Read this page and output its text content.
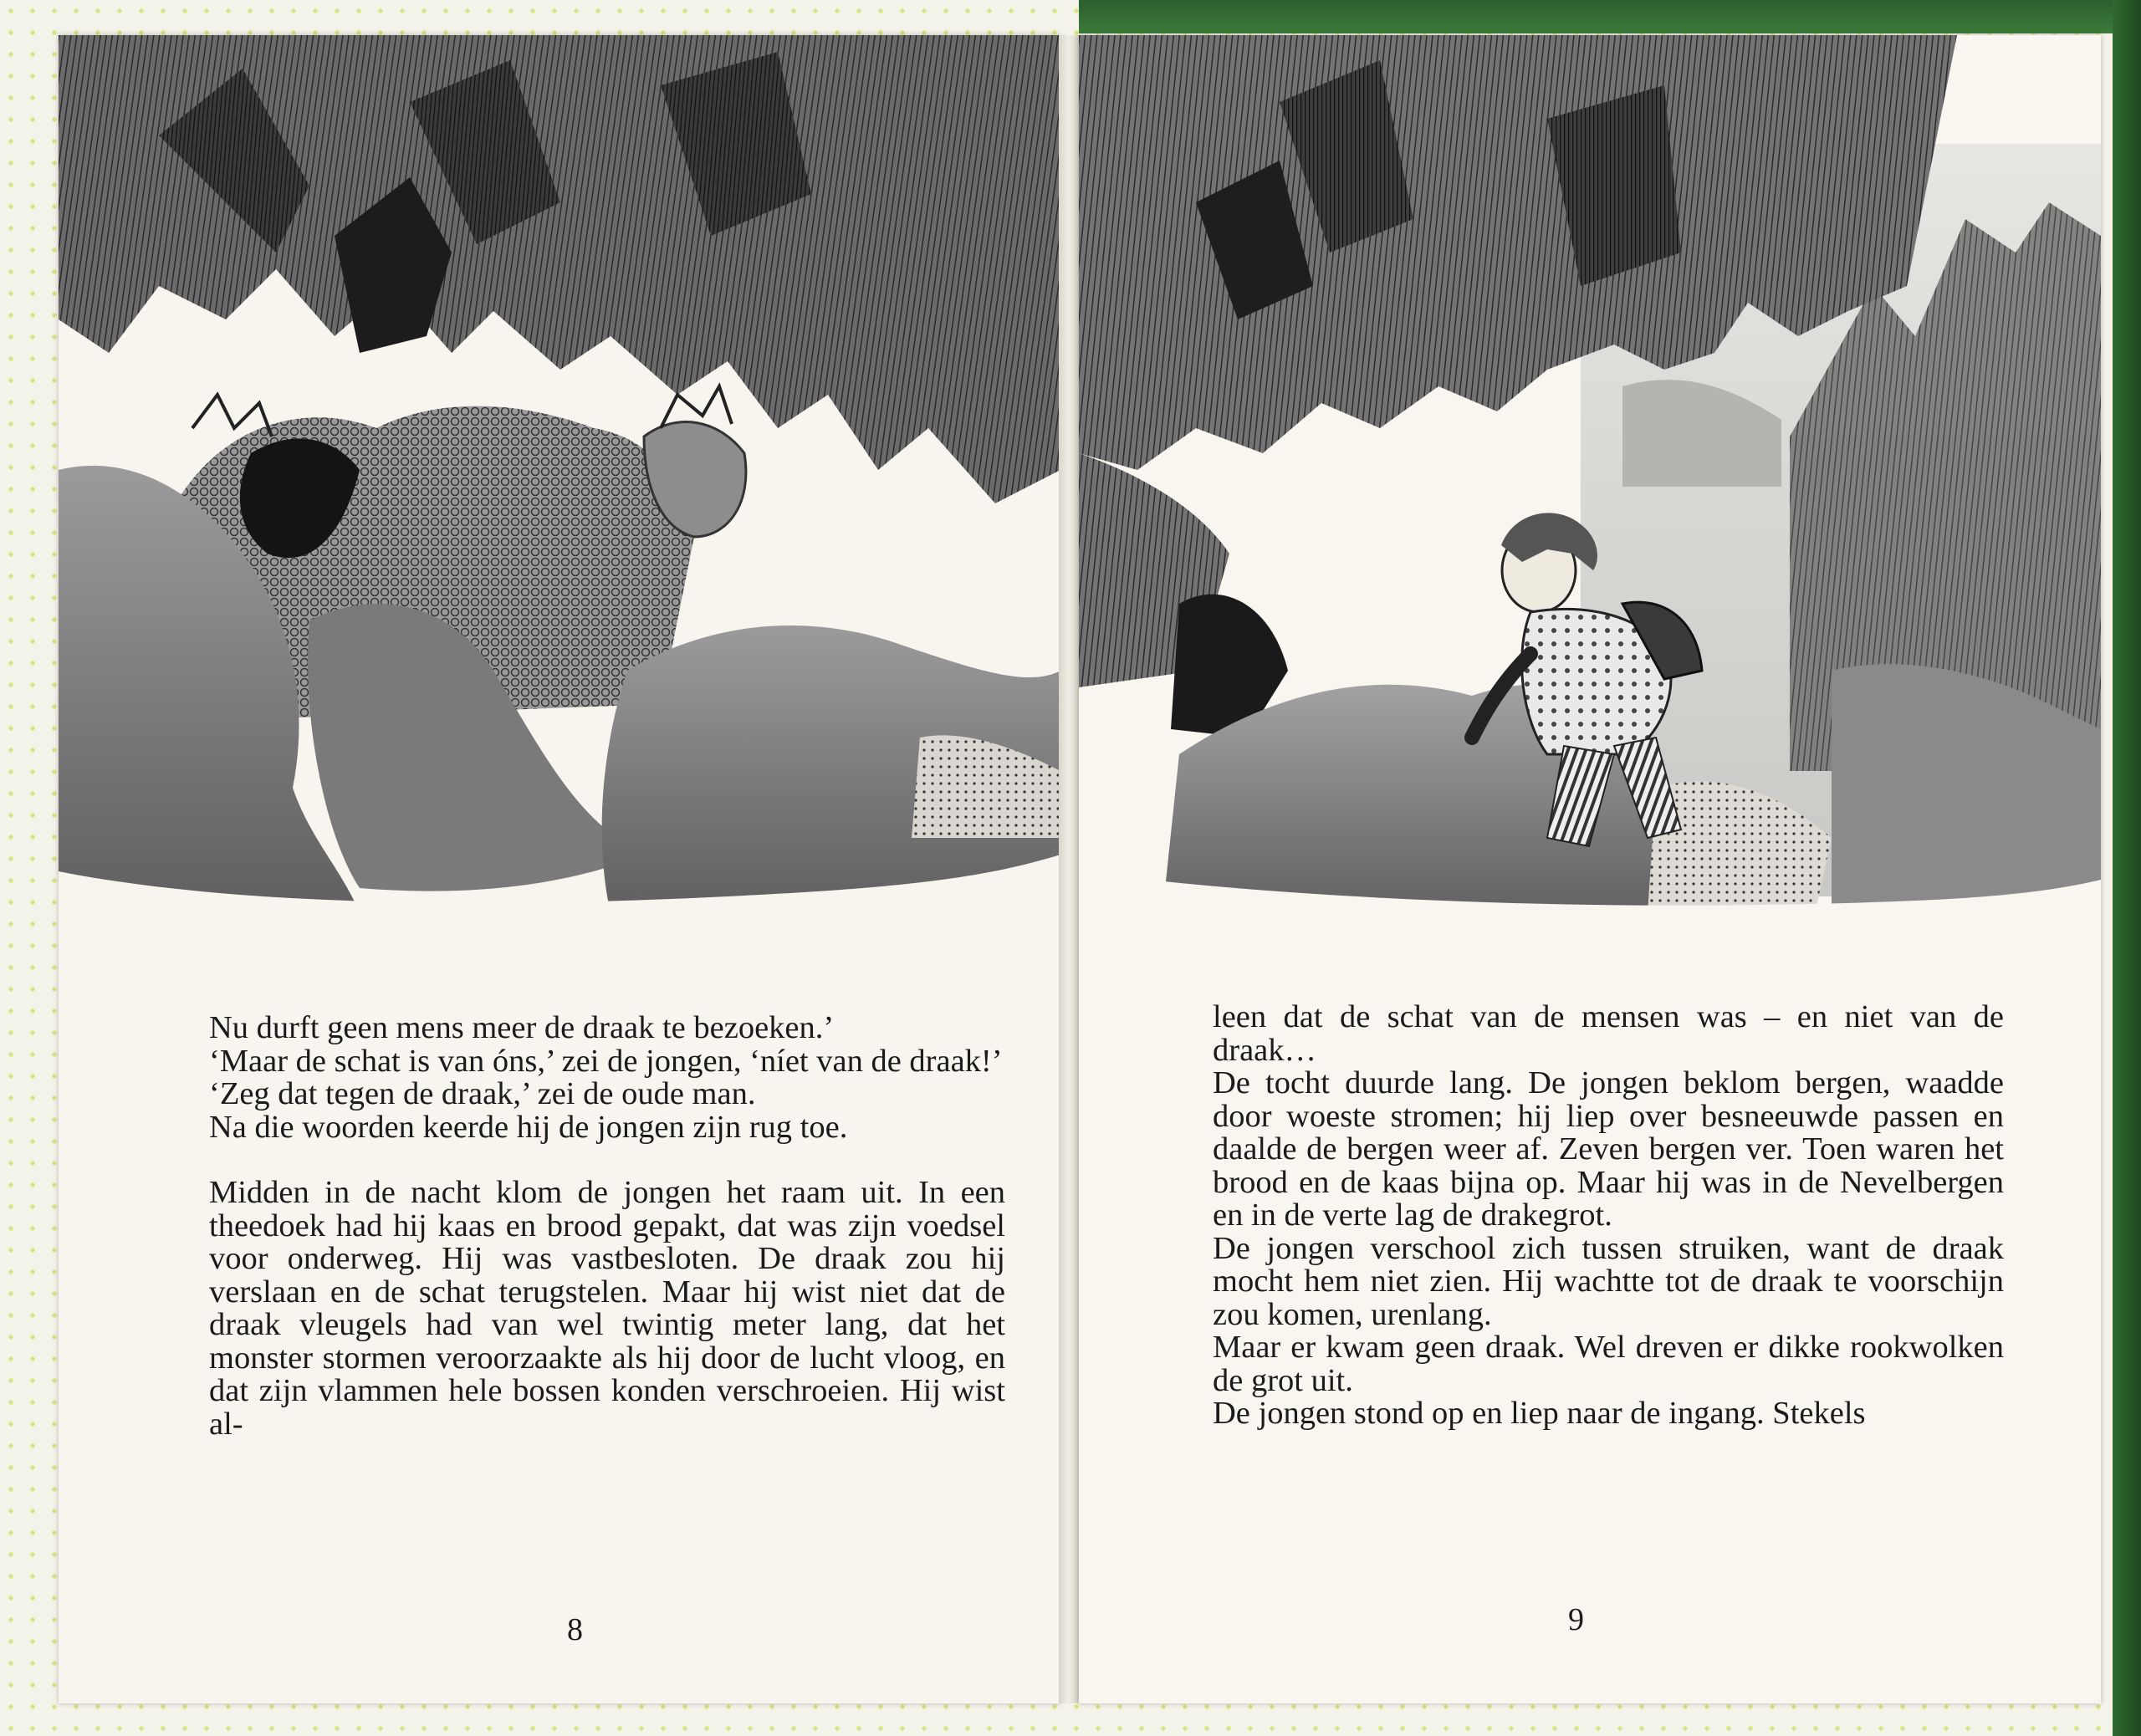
Nu durft geen mens meer de draak te bezoeken.’

‘Maar de schat is van óns,’ zei de jongen, ‘níet van de draak!’

‘Zeg dat tegen de draak,’ zei de oude man.

Na die woorden keerde hij de jongen zijn rug toe.

Midden in de nacht klom de jongen het raam uit. In een theedoek had hij kaas en brood gepakt, dat was zijn voedsel voor onderweg. Hij was vastbesloten. De draak zou hij verslaan en de schat terugstelen. Maar hij wist niet dat de draak vleugels had van wel twintig meter lang, dat het monster stormen veroorzaakte als hij door de lucht vloog, en dat zijn vlammen hele bossen konden verschroeien. Hij wist al-

8

leen dat de schat van de mensen was – en niet van de draak…

De tocht duurde lang. De jongen beklom bergen, waadde door woeste stromen; hij liep over besneeuwde passen en daalde de bergen weer af. Zeven bergen ver. Toen waren het brood en de kaas bijna op. Maar hij was in de Nevelbergen en in de verte lag de drakegrot.

De jongen verschool zich tussen struiken, want de draak mocht hem niet zien. Hij wachtte tot de draak te voorschijn zou komen, urenlang.

Maar er kwam geen draak. Wel dreven er dikke rookwolken de grot uit.

De jongen stond op en liep naar de ingang. Stekels

9
